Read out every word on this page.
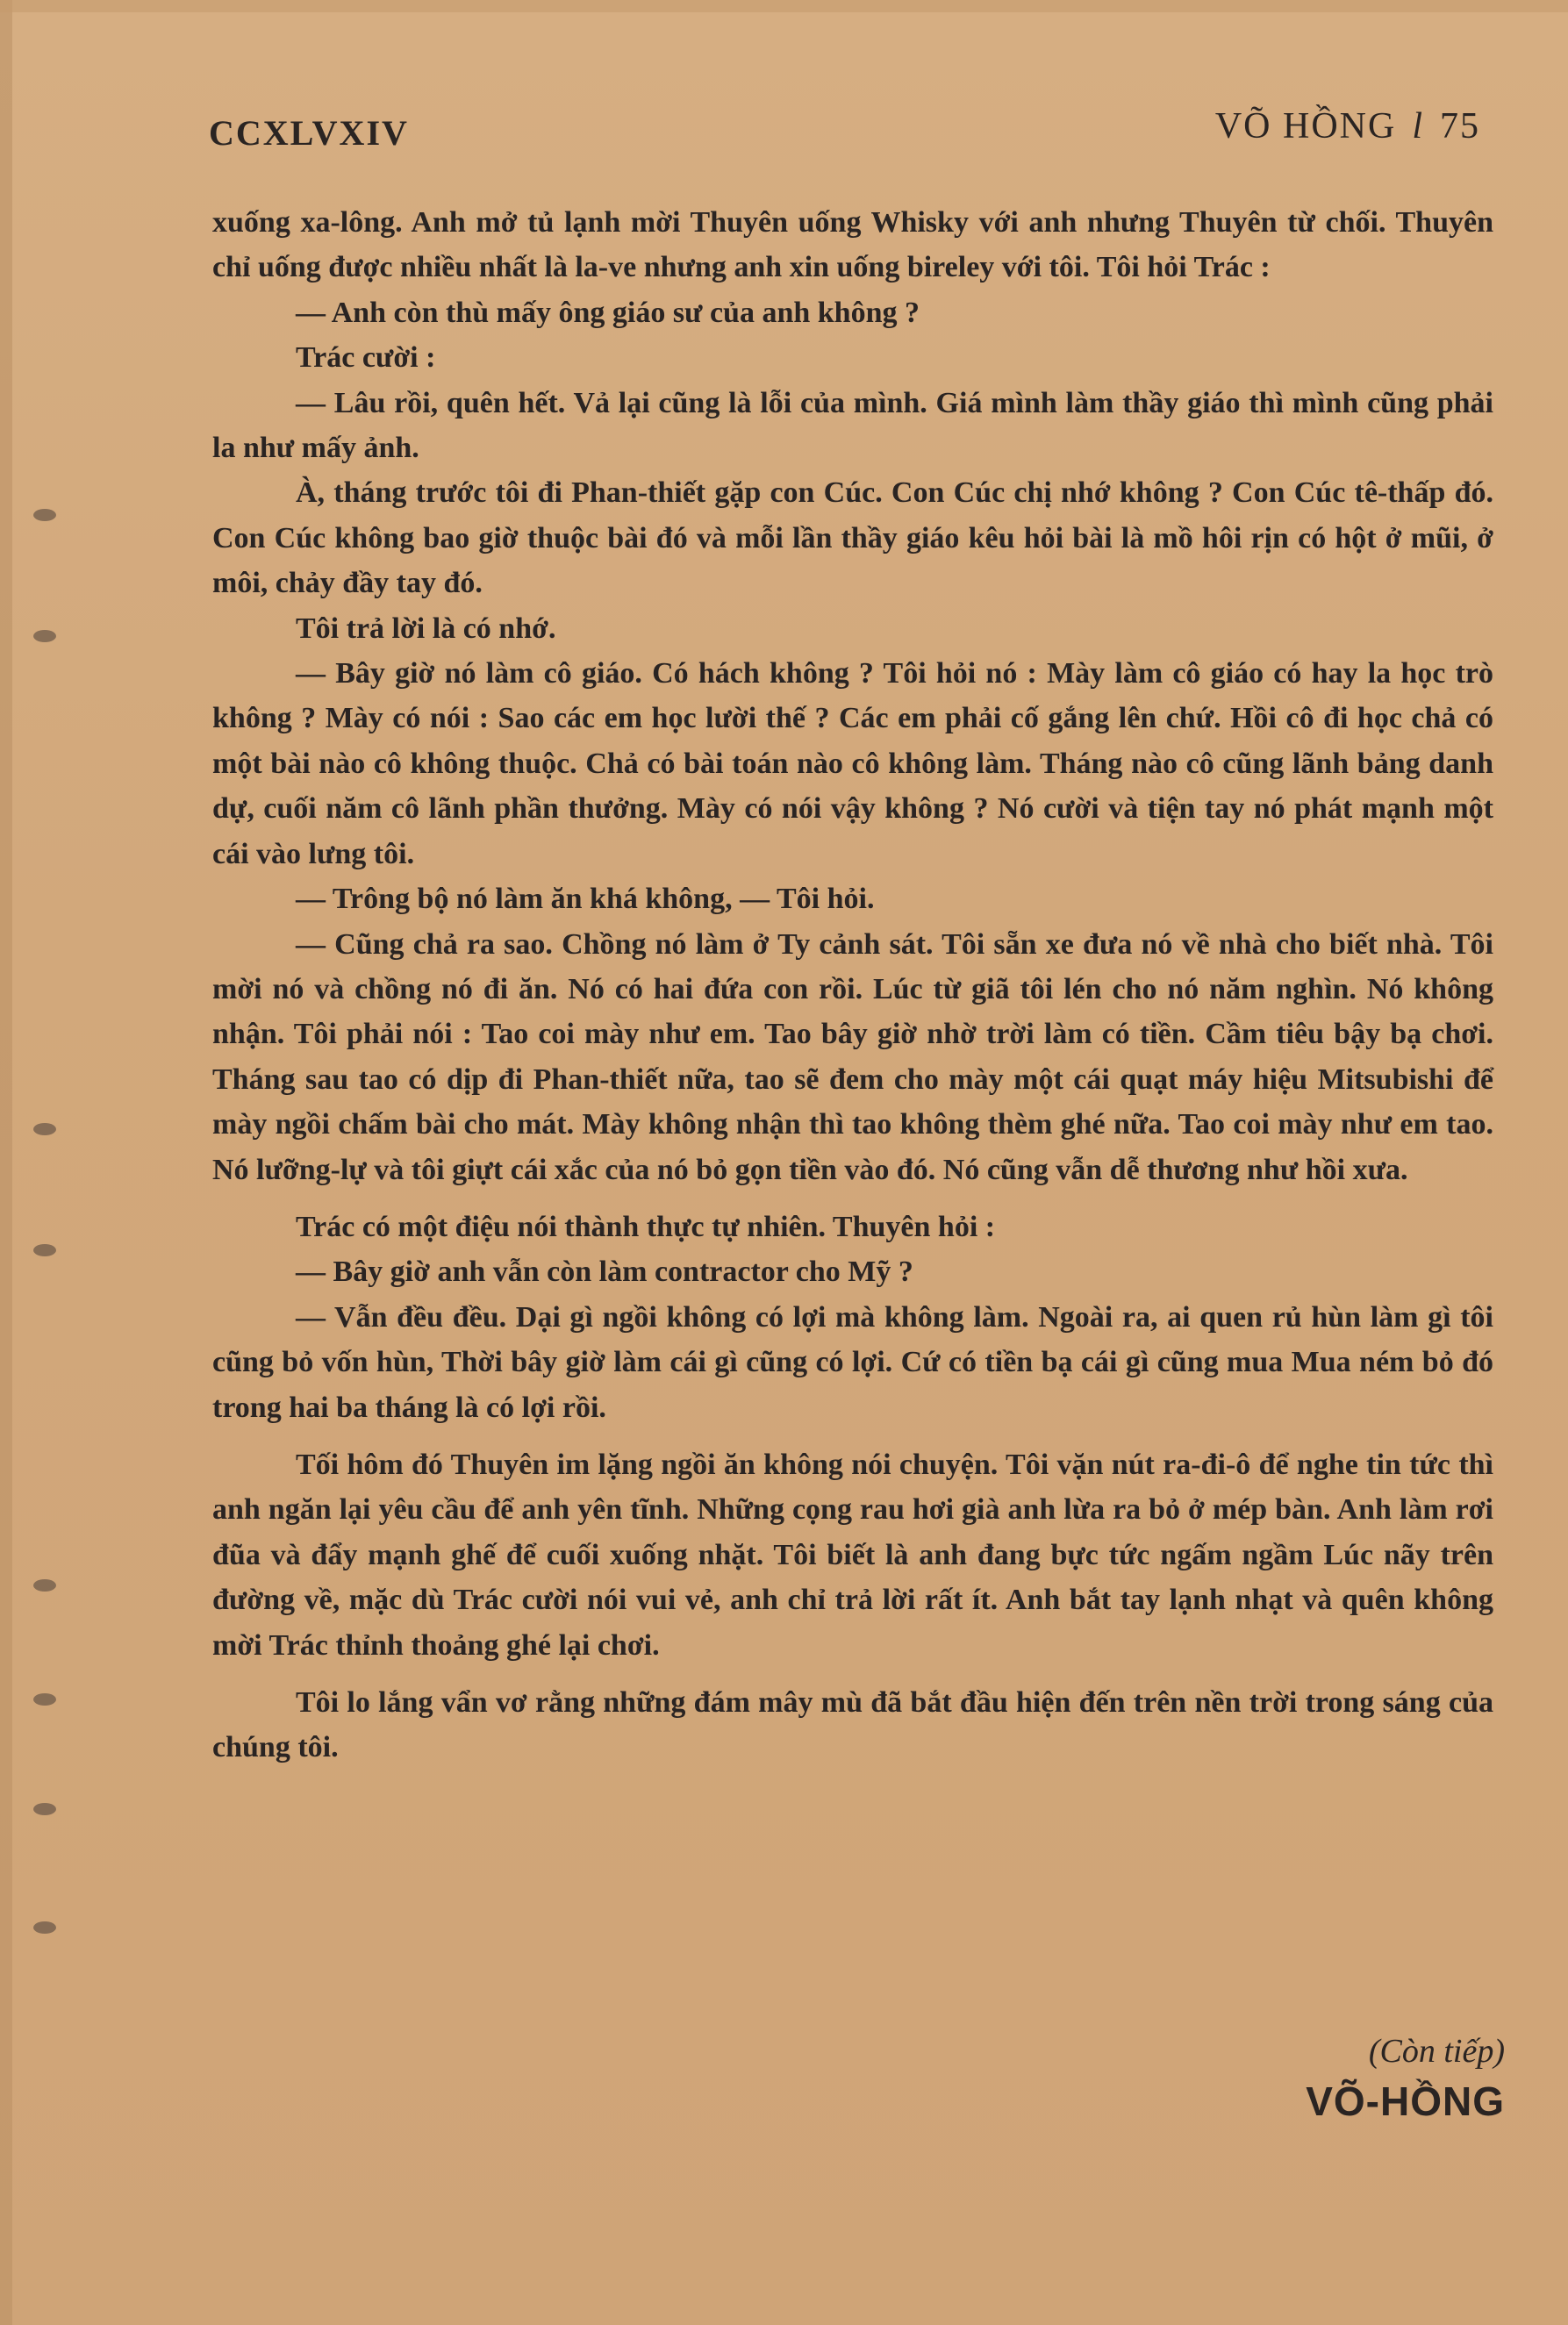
CCXLVXIV	VÕ HỒNG l 75

xuống xa-lông. Anh mở tủ lạnh mời Thuyên uống Whisky với anh nhưng Thuyên từ chối. Thuyên chỉ uống được nhiều nhất là la-ve nhưng anh xin uống bireley với tôi. Tôi hỏi Trác :

— Anh còn thù mấy ông giáo sư của anh không ?

Trác cười :

— Lâu rồi, quên hết. Vả lại cũng là lỗi của mình. Giá mình làm thầy giáo thì mình cũng phải la như mấy ảnh.

À, tháng trước tôi đi Phan-thiết gặp con Cúc. Con Cúc chị nhớ không ? Con Cúc tê-thấp đó. Con Cúc không bao giờ thuộc bài đó và mỗi lần thầy giáo kêu hỏi bài là mồ hôi rịn có hột ở mũi, ở môi, chảy đầy tay đó.

Tôi trả lời là có nhớ.

— Bây giờ nó làm cô giáo. Có hách không ? Tôi hỏi nó : Mày làm cô giáo có hay la học trò không ? Mày có nói : Sao các em học lười thế ? Các em phải cố gắng lên chứ. Hồi cô đi học chả có một bài nào cô không thuộc. Chả có bài toán nào cô không làm. Tháng nào cô cũng lãnh bảng danh dự, cuối năm cô lãnh phần thưởng. Mày có nói vậy không ? Nó cười và tiện tay nó phát mạnh một cái vào lưng tôi.

— Trông bộ nó làm ăn khá không, — Tôi hỏi.

— Cũng chả ra sao. Chồng nó làm ở Ty cảnh sát. Tôi sẵn xe đưa nó về nhà cho biết nhà. Tôi mời nó và chồng nó đi ăn. Nó có hai đứa con rồi. Lúc từ giã tôi lén cho nó năm nghìn. Nó không nhận. Tôi phải nói : Tao coi mày như em. Tao bây giờ nhờ trời làm có tiền. Cầm tiêu bậy bạ chơi. Tháng sau tao có dịp đi Phan-thiết nữa, tao sẽ đem cho mày một cái quạt máy hiệu Mitsubishi để mày ngồi chấm bài cho mát. Mày không nhận thì tao không thèm ghé nữa. Tao coi mày như em tao. Nó lưỡng-lự và tôi giựt cái xắc của nó bỏ gọn tiền vào đó. Nó cũng vẫn dễ thương như hồi xưa.

Trác có một điệu nói thành thực tự nhiên. Thuyên hỏi :

— Bây giờ anh vẫn còn làm contractor cho Mỹ ?

— Vẫn đều đều. Dại gì ngồi không có lợi mà không làm. Ngoài ra, ai quen rủ hùn làm gì tôi cũng bỏ vốn hùn, Thời bây giờ làm cái gì cũng có lợi. Cứ có tiền bạ cái gì cũng mua Mua ném bỏ đó trong hai ba tháng là có lợi rồi.

Tối hôm đó Thuyên im lặng ngồi ăn không nói chuyện. Tôi vặn nút ra-đi-ô để nghe tin tức thì anh ngăn lại yêu cầu để anh yên tĩnh. Những cọng rau hơi già anh lừa ra bỏ ở mép bàn. Anh làm rơi đũa và đẩy mạnh ghế để cuối xuống nhặt. Tôi biết là anh đang bực tức ngấm ngầm Lúc nãy trên đường về, mặc dù Trác cười nói vui vẻ, anh chỉ trả lời rất ít. Anh bắt tay lạnh nhạt và quên không mời Trác thỉnh thoảng ghé lại chơi.

Tôi lo lắng vẩn vơ rằng những đám mây mù đã bắt đầu hiện đến trên nền trời trong sáng của chúng tôi.

(Còn tiếp)
VÕ-HỒNG
